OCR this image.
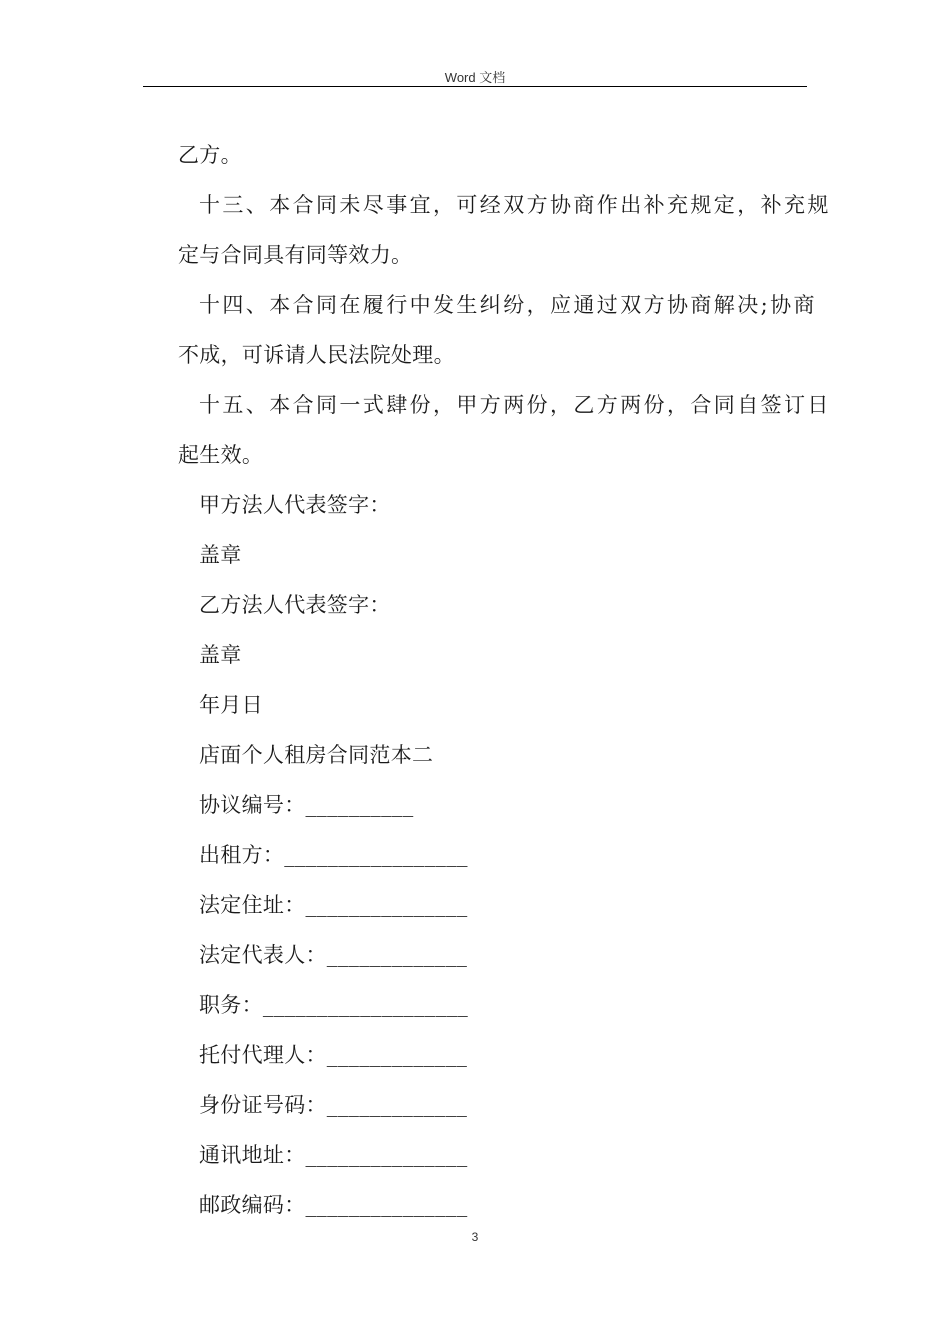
Word 文档
乙方。
十三、本合同未尽事宜，可经双方协商作出补充规定，补充规
定与合同具有同等效力。
十四、本合同在履行中发生纠纷，应通过双方协商解决;协商
不成，可诉请人民法院处理。
十五、本合同一式肆份，甲方两份，乙方两份，合同自签订日
起生效。
甲方法人代表签字：
盖章
乙方法人代表签字：
盖章
年月日
店面个人租房合同范本二
协议编号：__________
出租方：_________________
法定住址：_______________
法定代表人：_____________
职务：___________________
托付代理人：_____________
身份证号码：_____________
通讯地址：_______________
邮政编码：_______________
3
